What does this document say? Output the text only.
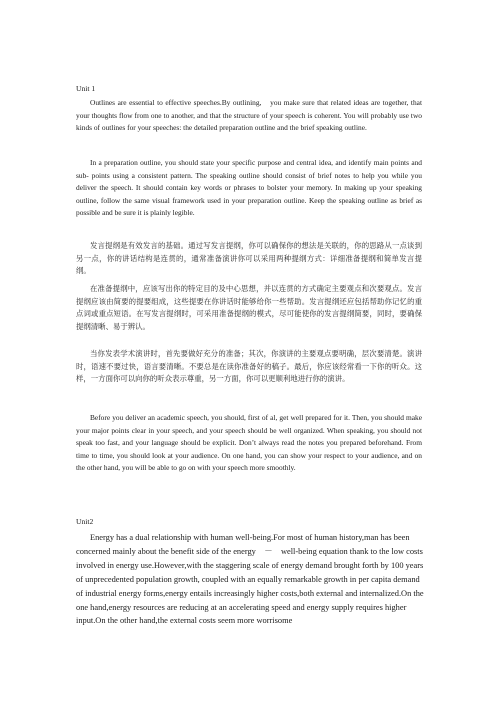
Unit 1

Outlines are essential to effective speeches.By outlining,　you make sure that related ideas are together, that your thoughts flow from one to another, and that the structure of your speech is coherent. You will probably use two kinds of outlines for your speeches: the detailed preparation outline and the brief speaking outline.

In a preparation outline, you should state your specific purpose and central idea, and identify main points and sub- points using a consistent pattern. The speaking outline should consist of brief notes to help you while you deliver the speech. It should contain key words or phrases to bolster your memory. In making up your speaking outline, follow the same visual framework used in your preparation outline. Keep the speaking outline as brief as possible and be sure it is plainly legible.

发言提纲是有效发言的基础。通过写发言提纲，你可以确保你的想法是关联的，你的思路从一点谈到另一点，你的讲话结构是连贯的，通常准备演讲你可以采用两种提纲方式：详细准备提纲和简单发言提纲。

在准备提纲中，应该写出你的特定目的及中心思想，并以连贯的方式确定主要观点和次要观点。发言提纲应该由简要的提要组成，这些提要在你讲话时能够给你一些帮助。发言提纲还应包括帮助你记忆的重点词或重点短语。在写发言提纲时，可采用准备提纲的模式，尽可能使你的发言提纲简要，同时，要确保提纲清晰、易于辨认。

当你发表学术演讲时，首先要做好充分的准备；其次，你演讲的主要观点要明确，层次要清楚。演讲时，语速不要过快，语言要清晰。不要总是在读你准备好的稿子。最后，你应该经常看一下你的听众。这样，一方面你可以向你的听众表示尊重，另一方面，你可以更顺利地进行你的演讲。

Before you deliver an academic speech, you should, first of al, get well prepared for it. Then, you should make your major points clear in your speech, and your speech should be well organized. When speaking, you should not speak too fast, and your language should be explicit. Don’t always read the notes you prepared beforehand. From time to time, you should look at your audience. On one hand, you can show your respect to your audience, and on the other hand, you will be able to go on with your speech more smoothly.

Unit2

Energy has a dual relationship with human well-being.For most of human history,man has been concerned mainly about the benefit side of the energy　－　well-being equation thank to the low costs involved in energy use.However,with the staggering scale of energy demand brought forth by 100 years of unprecedented population growth, coupled with an equally remarkable growth in per capita demand of industrial energy forms,energy entails increasingly higher costs,both external and internalized.On the one hand,energy resources are reducing at an accelerating speed and energy supply requires higher input.On the other hand,the external costs seem more worrisome
